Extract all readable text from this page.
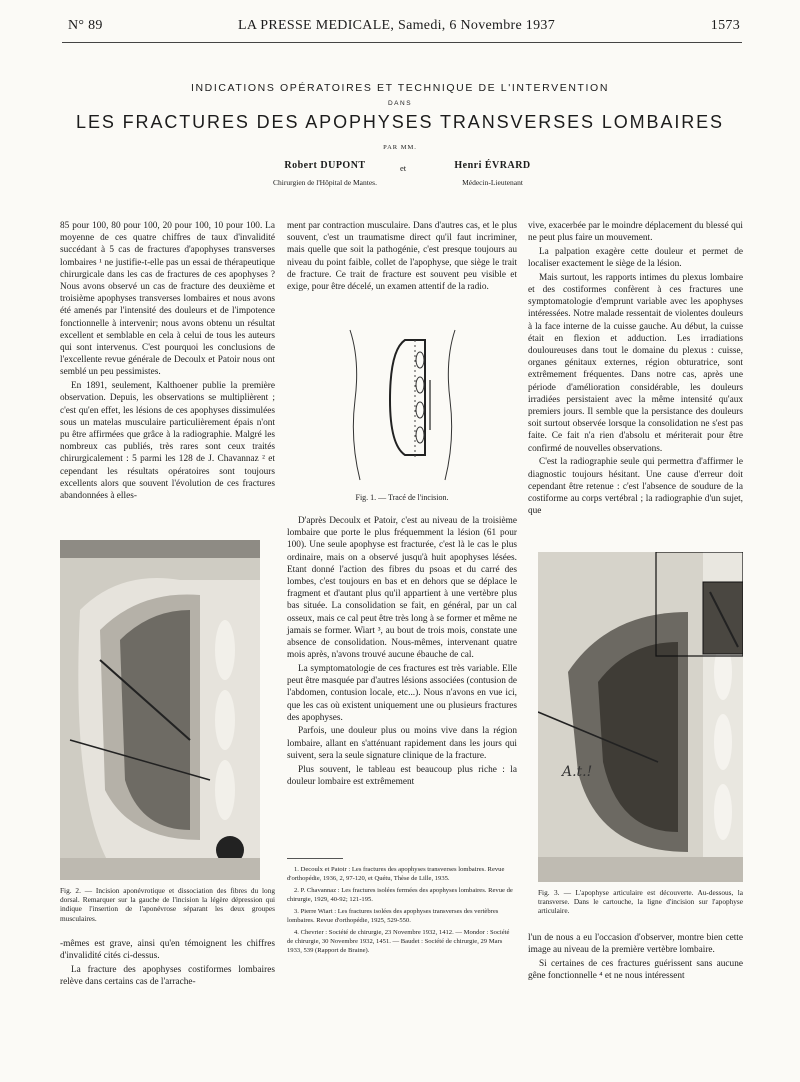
N° 89	LA PRESSE MEDICALE, Samedi, 6 Novembre 1937	1573
INDICATIONS OPÉRATOIRES ET TECHNIQUE DE L'INTERVENTION
DANS
LES FRACTURES DES APOPHYSES TRANSVERSES LOMBAIRES
PAR MM.
Robert DUPONT
Chirurgien de l'Hôpital de Mantes.
et	Henri ÉVRARD
Médecin-Lieutenant

85 pour 100, 80 pour 100, 20 pour 100, 10 pour 100. La moyenne de ces quatre chiffres de taux d'invalidité succédant à 5 cas de fractures d'apophyses transverses lombaires ¹ ne justifie-t-elle pas un essai de thérapeutique chirurgicale dans les cas de fractures de ces apophyses ? Nous avons observé un cas de fracture des deuxième et troisième apophyses transverses lombaires et nous avons été amenés par l'intensité des douleurs et de l'impotence fonctionnelle à intervenir; nous avons obtenu un résultat excellent et semblable en cela à celui de tous les auteurs qui sont intervenus. C'est pourquoi les conclusions de l'excellente revue générale de Decoulx et Patoir nous ont semblé un peu pessimistes.

En 1891, seulement, Kalthoener publie la première observation. Depuis, les observations se multiplièrent ; c'est qu'en effet, les lésions de ces apophyses dissimulées sous un matelas musculaire particulièrement épais n'ont pu être affirmées que grâce à la radiographie. Malgré les nombreux cas publiés, très rares sont ceux traités chirurgicalement : 5 parmi les 128 de J. Chavannaz ² et cependant les résultats opératoires sont toujours excellents alors que souvent l'évolution de ces fractures abandonnées à elles-

Fig. 2. — Incision aponévrotique et dissociation des fibres du long dorsal. Remarquer sur la gauche de l'incision la légère dépression qui indique l'insertion de l'aponévrose séparant les deux groupes musculaires.

-mêmes est grave, ainsi qu'en témoignent les chiffres d'invalidité cités ci-dessus.

La fracture des apophyses costiformes lombaires relève dans certains cas de l'arrache-

ment par contraction musculaire. Dans d'autres cas, et le plus souvent, c'est un traumatisme direct qu'il faut incriminer, mais quelle que soit la pathogénie, c'est presque toujours au niveau du point faible, collet de l'apophyse, que siège le trait de fracture. Ce trait de fracture est souvent peu visible et exige, pour être décelé, un examen attentif de la radio.

Fig. 1. — Tracé de l'incision.

D'après Decoulx et Patoir, c'est au niveau de la troisième lombaire que porte le plus fréquemment la lésion (61 pour 100). Une seule apophyse est fracturée, c'est là le cas le plus ordinaire, mais on a observé jusqu'à huit apophyses lésées. Etant donné l'action des fibres du psoas et du carré des lombes, c'est toujours en bas et en dehors que se déplace le fragment et d'autant plus qu'il appartient à une vertèbre plus bas située. La consolidation se fait, en général, par un cal osseux, mais ce cal peut être très long à se former et même ne jamais se former. Wiart ³, au bout de trois mois, constate une absence de consolidation. Nous-mêmes, intervenant quatre mois après, n'avons trouvé aucune ébauche de cal.

La symptomatologie de ces fractures est très variable. Elle peut être masquée par d'autres lésions associées (contusion de l'abdomen, contusion locale, etc...). Nous n'avons en vue ici, que les cas où existent uniquement une ou plusieurs fractures des apophyses.

Parfois, une douleur plus ou moins vive dans la région lombaire, allant en s'atténuant rapidement dans les jours qui suivent, sera la seule signature clinique de la fracture.

Plus souvent, le tableau est beaucoup plus riche : la douleur lombaire est extrêmement

1. Decoulx et Patoir : Les fractures des apophyses transverses lombaires. Revue d'orthopédie, 1936, 2, 97-120, et Quétu, Thèse de Lille, 1935.

2. P. Chavannaz : Les fractures isolées fermées des apophyses lombaires. Revue de chirurgie, 1929, 40-92; 121-195.

3. Pierre Wiart : Les fractures isolées des apophyses transverses des vertèbres lombaires. Revue d'orthopédie, 1925, 529-550.

4. Chevrier : Société de chirurgie, 23 Novembre 1932, 1412. — Mondor : Société de chirurgie, 30 Novembre 1932, 1451. — Baudet : Société de chirurgie, 29 Mars 1933, 539 (Rapport de Braine).

vive, exacerbée par le moindre déplacement du blessé qui ne peut plus faire un mouvement.

La palpation exagère cette douleur et permet de localiser exactement le siège de la lésion.

Mais surtout, les rapports intimes du plexus lombaire et des costiformes confèrent à ces fractures une symptomatologie d'emprunt variable avec les apophyses intéressées. Notre malade ressentait de violentes douleurs à la face interne de la cuisse gauche. Au début, la cuisse était en flexion et adduction. Les irradiations douloureuses dans tout le domaine du plexus : cuisse, organes génitaux externes, région obturatrice, sont extrêmement fréquentes. Dans notre cas, après une période d'amélioration considérable, les douleurs irradiées persistaient avec la même intensité qu'aux premiers jours. Il semble que la persistance des douleurs soit surtout observée lorsque la consolidation ne s'est pas faite. Ce fait n'a rien d'absolu et mériterait pour être confirmé de nouvelles observations.

C'est la radiographie seule qui permettra d'affirmer le diagnostic toujours hésitant. Une cause d'erreur doit cependant être retenue : c'est l'absence de soudure de la costiforme au corps vertébral ; la radiographie d'un sujet, que

A.t.!
Fig. 3. — L'apophyse articulaire est découverte. Au-dessous, la transverse. Dans le cartouche, la ligne d'incision sur l'apophyse articulaire.

l'un de nous a eu l'occasion d'observer, montre bien cette image au niveau de la première vertèbre lombaire.

Si certaines de ces fractures guérissent sans aucune gêne fonctionnelle ⁴ et ne nous intéressent
